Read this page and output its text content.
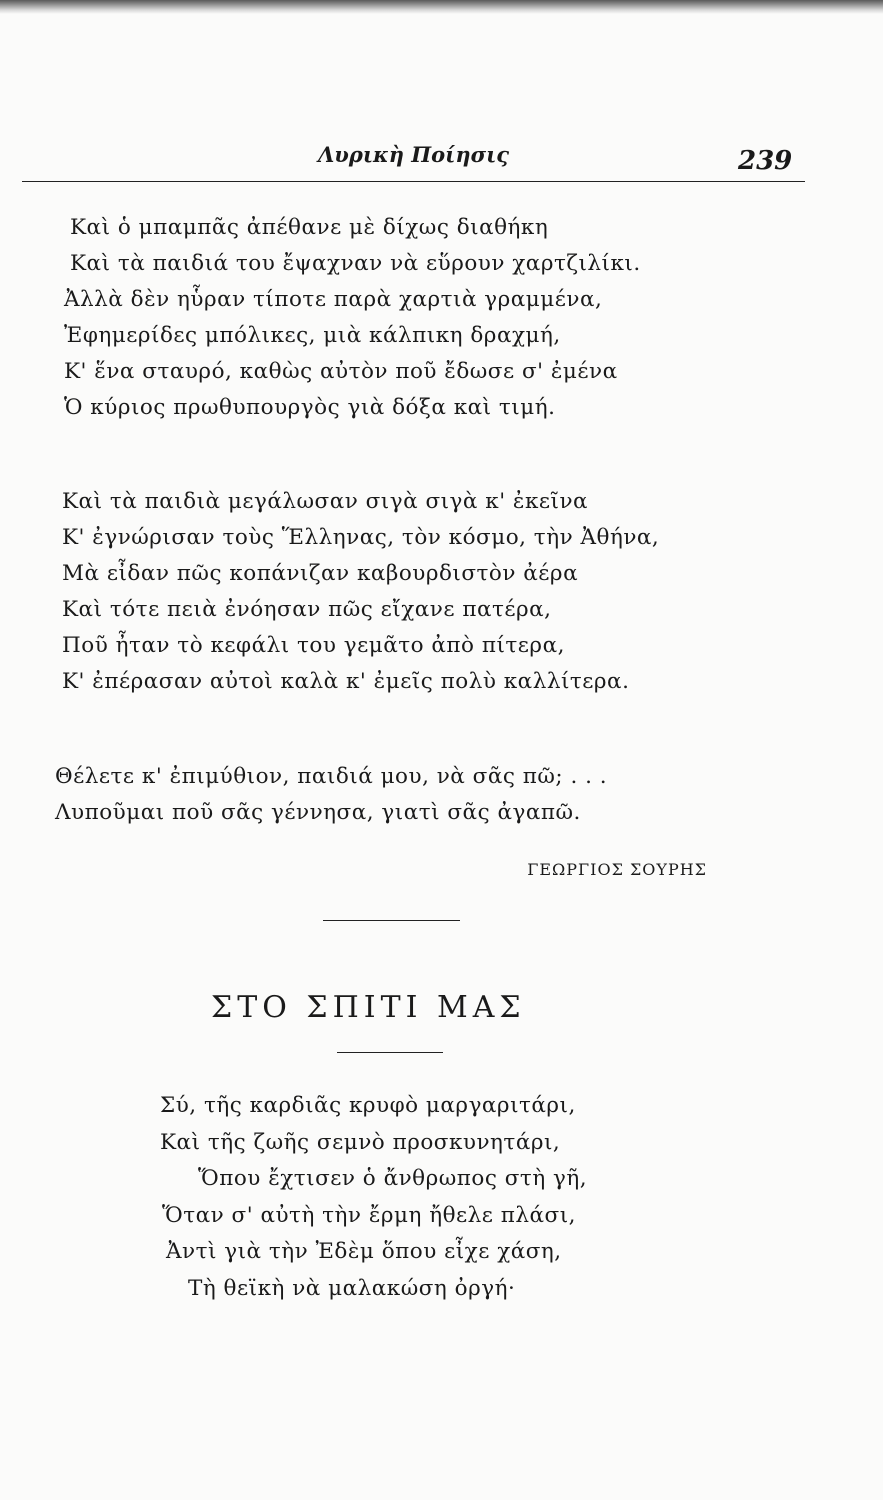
Λυρικὴ Ποίησις	239
Καὶ ὁ μπαμπᾶς ἀπέθανε μὲ δίχως διαθήκη
Καὶ τὰ παιδιά του ἔψαχναν νὰ εὕρουν χαρτζιλίκι.
Ἀλλὰ δὲν ηὗραν τίποτε παρὰ χαρτιὰ γραμμένα,
Ἐφημερίδες μπόλικες, μιὰ κάλπικη δραχμή,
Κ' ἕνα σταυρό, καθὼς αὐτὸν ποῦ ἔδωσε σ' ἐμένα
Ὁ κύριος πρωθυπουργὸς γιὰ δόξα καὶ τιμή.
Καὶ τὰ παιδιὰ μεγάλωσαν σιγὰ σιγὰ κ' ἐκεῖνα
Κ' ἐγνώρισαν τοὺς Ἕλληνας, τὸν κόσμο, τὴν Ἀθήνα,
Μὰ εἶδαν πῶς κοπάνιζαν καβουρδιστὸν ἀέρα
Καὶ τότε πειὰ ἐνόησαν πῶς εἴχανε πατέρα,
Ποῦ ἦταν τὸ κεφάλι του γεμᾶτο ἀπὸ πίτερα,
Κ' ἐπέρασαν αὐτοὶ καλὰ κ' ἐμεῖς πολὺ καλλίτερα.
Θέλετε κ' ἐπιμύθιον, παιδιά μου, νὰ σᾶς πῶ; . . .
Λυποῦμαι ποῦ σᾶς γέννησα, γιατὶ σᾶς ἀγαπῶ.
ΓΕΩΡΓΙΟΣ ΣΟΥΡΗΣ
ΣΤΟ ΣΠΙΤΙ ΜΑΣ
Σύ, τῆς καρδιᾶς κρυφὸ μαργαριτάρι,
Καὶ τῆς ζωῆς σεμνὸ προσκυνητάρι,
Ὅπου ἔχτισεν ὁ ἄνθρωπος στὴ γῆ,
Ὅταν σ' αὐτὴ τὴν ἔρμη ἤθελε πλάσι,
Ἀντὶ γιὰ τὴν Ἐδὲμ ὅπου εἶχε χάση,
Τὴ θεϊκὴ νὰ μαλακώση ὀργή·
